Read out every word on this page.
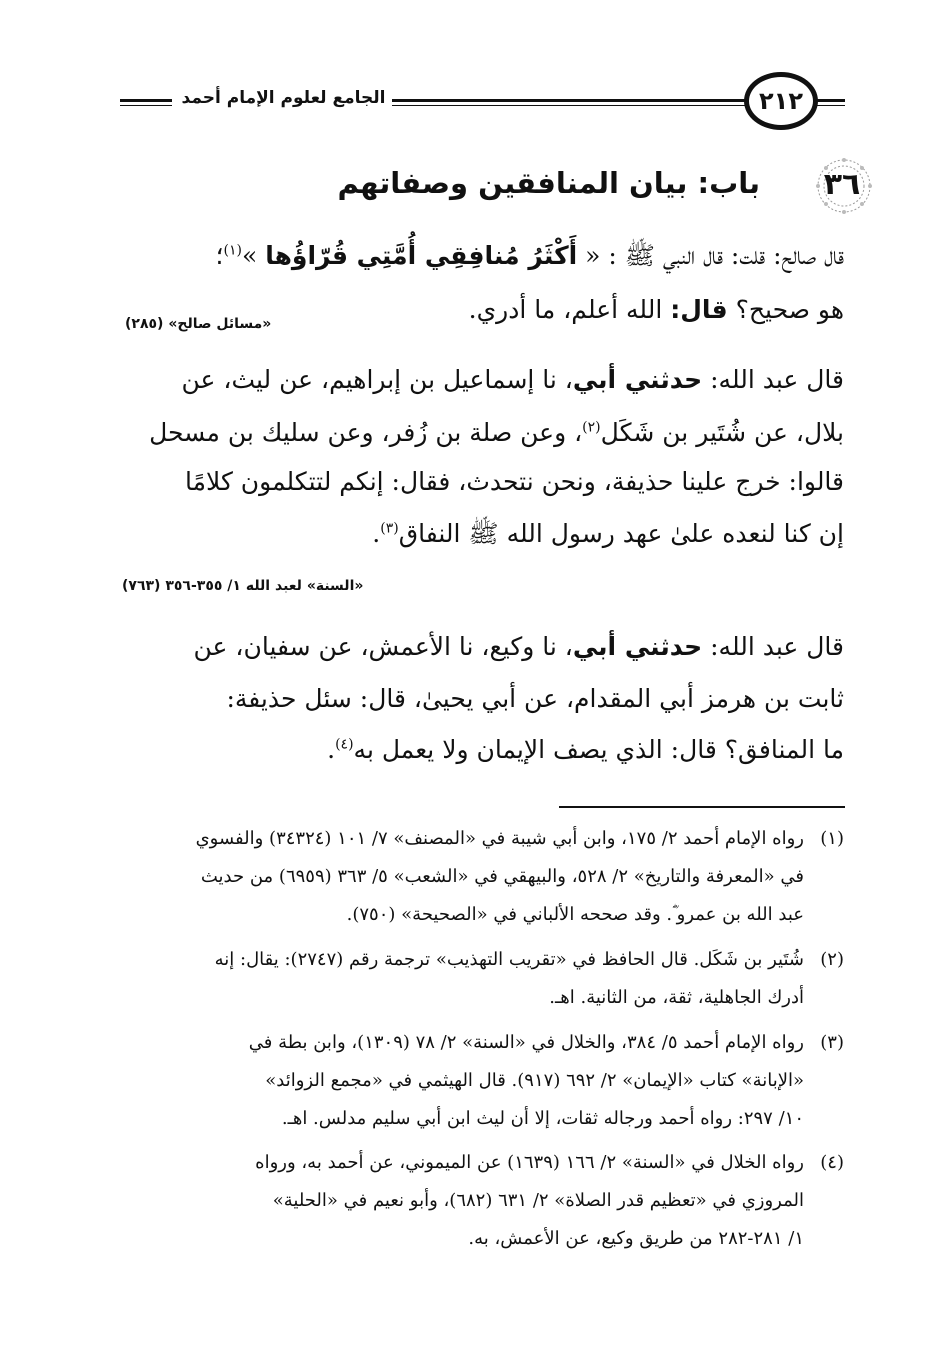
الجامع لعلوم الإمام أحمد	٢١٢
٣٦
باب: بيان المنافقين وصفاتهم
قال صالح: قلت: قال النبي ﷺ : « أَكْثَرُ مُنافِقِي أُمَّتِي قُرّاؤُها »$^{(١)}$؛
هو صحيح؟ قال: الله أعلم، ما أدري.
«مسائل صالح» (٢٨٥)
قال عبد الله: حدثني أبي، نا إسماعيل بن إبراهيم، عن ليث، عن
بلال، عن شُتَير بن شَكَل$^{(٢)}$، وعن صلة بن زُفر، وعن سليك بن مسحل
قالوا: خرج علينا حذيفة، ونحن نتحدث، فقال: إنكم لتتكلمون كلامًا
إن كنا لنعده علىٰ عهد رسول الله ﷺ النفاق$^{(٣)}$.
«السنة» لعبد الله ١/ ٣٥٥-٣٥٦ (٧٦٣)
قال عبد الله: حدثني أبي، نا وكيع، نا الأعمش، عن سفيان، عن
ثابت بن هرمز أبي المقدام، عن أبي يحيىٰ، قال: سئل حذيفة:
ما المنافق؟ قال: الذي يصف الإيمان ولا يعمل به$^{(٤)}$.
(١)
رواه الإمام أحمد ٢/ ١٧٥، وابن أبي شيبة في «المصنف» ٧/ ١٠١ (٣٤٣٢٤) والفسوي
في «المعرفة والتاريخ» ٢/ ٥٢٨، والبيهقي في «الشعب» ٥/ ٣٦٣ (٦٩٥٩) من حديث
عبد الله بن عمرو ؓ. وقد صححه الألباني في «الصحيحة» (٧٥٠).
(٢)
شُتَير بن شَكَل. قال الحافظ في «تقريب التهذيب» ترجمة رقم (٢٧٤٧): يقال: إنه
أدرك الجاهلية، ثقة، من الثانية. اهـ.
(٣)
رواه الإمام أحمد ٥/ ٣٨٤، والخلال في «السنة» ٢/ ٧٨ (١٣٠٩)، وابن بطة في
«الإبانة» كتاب «الإيمان» ٢/ ٦٩٢ (٩١٧). قال الهيثمي في «مجمع الزوائد»
١٠/ ٢٩٧: رواه أحمد ورجاله ثقات، إلا أن ليث ابن أبي سليم مدلس. اهـ.
(٤)
رواه الخلال في «السنة» ٢/ ١٦٦ (١٦٣٩) عن الميموني، عن أحمد به، ورواه
المروزي في «تعظيم قدر الصلاة» ٢/ ٦٣١ (٦٨٢)، وأبو نعيم في «الحلية»
١/ ٢٨١-٢٨٢ من طريق وكيع، عن الأعمش، به.
